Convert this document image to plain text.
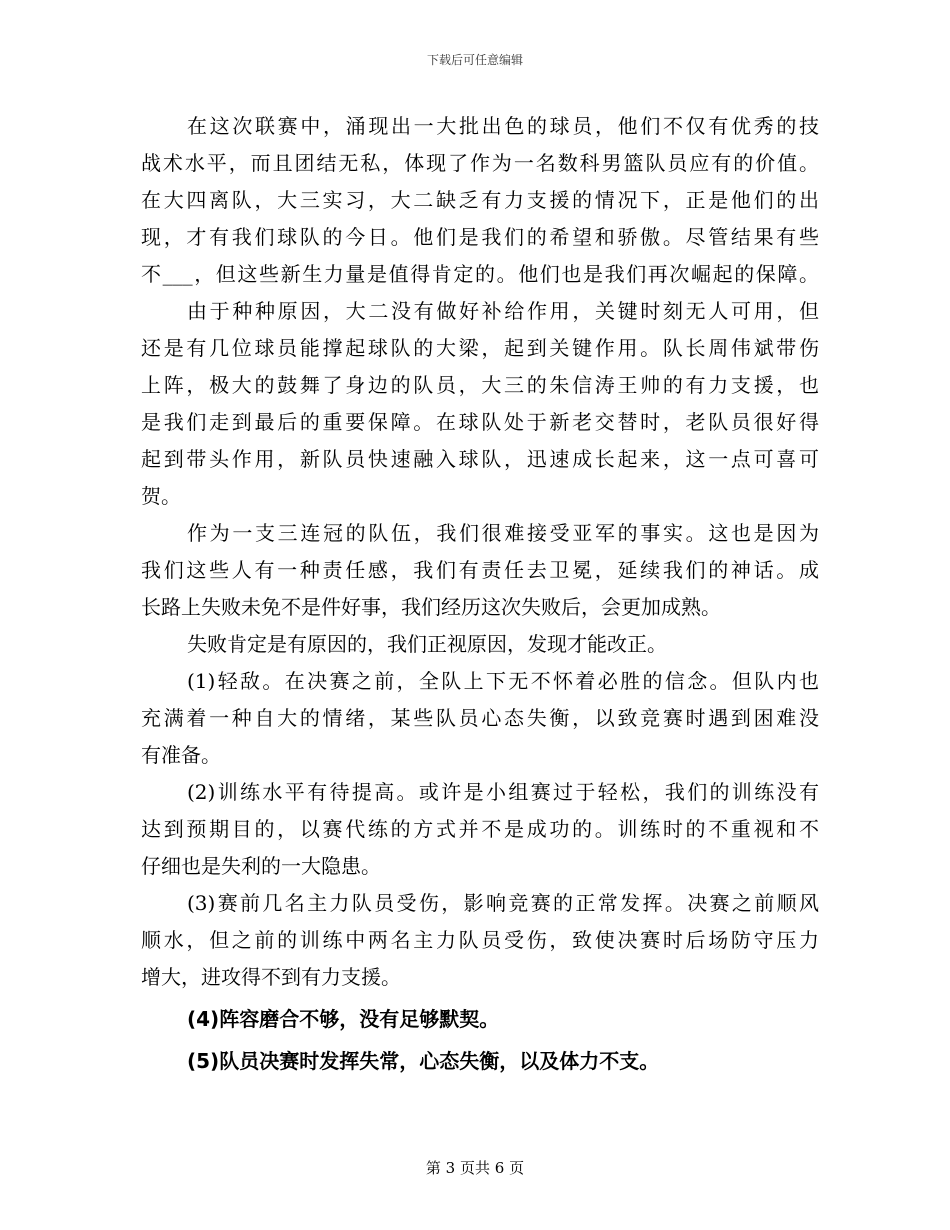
下载后可任意编辑
在这次联赛中，涌现出一大批出色的球员，他们不仅有优秀的技
战术水平，而且团结无私，体现了作为一名数科男篮队员应有的价值。
在大四离队，大三实习，大二缺乏有力支援的情况下，正是他们的出
现，才有我们球队的今日。他们是我们的希望和骄傲。尽管结果有些
不___，但这些新生力量是值得肯定的。他们也是我们再次崛起的保障。
由于种种原因，大二没有做好补给作用，关键时刻无人可用，但
还是有几位球员能撑起球队的大梁，起到关键作用。队长周伟斌带伤
上阵，极大的鼓舞了身边的队员，大三的朱信涛王帅的有力支援，也
是我们走到最后的重要保障。在球队处于新老交替时，老队员很好得
起到带头作用，新队员快速融入球队，迅速成长起来，这一点可喜可
贺。
作为一支三连冠的队伍，我们很难接受亚军的事实。这也是因为
我们这些人有一种责任感，我们有责任去卫冕，延续我们的神话。成
长路上失败未免不是件好事，我们经历这次失败后，会更加成熟。
失败肯定是有原因的，我们正视原因，发现才能改正。
(1)轻敌。在决赛之前，全队上下无不怀着必胜的信念。但队内也
充满着一种自大的情绪，某些队员心态失衡，以致竞赛时遇到困难没
有准备。
(2)训练水平有待提高。或许是小组赛过于轻松，我们的训练没有
达到预期目的，以赛代练的方式并不是成功的。训练时的不重视和不
仔细也是失利的一大隐患。
(3)赛前几名主力队员受伤，影响竞赛的正常发挥。决赛之前顺风
顺水，但之前的训练中两名主力队员受伤，致使决赛时后场防守压力
增大，进攻得不到有力支援。
(4)阵容磨合不够，没有足够默契。
(5)队员决赛时发挥失常，心态失衡，以及体力不支。
第 3 页共 6 页
